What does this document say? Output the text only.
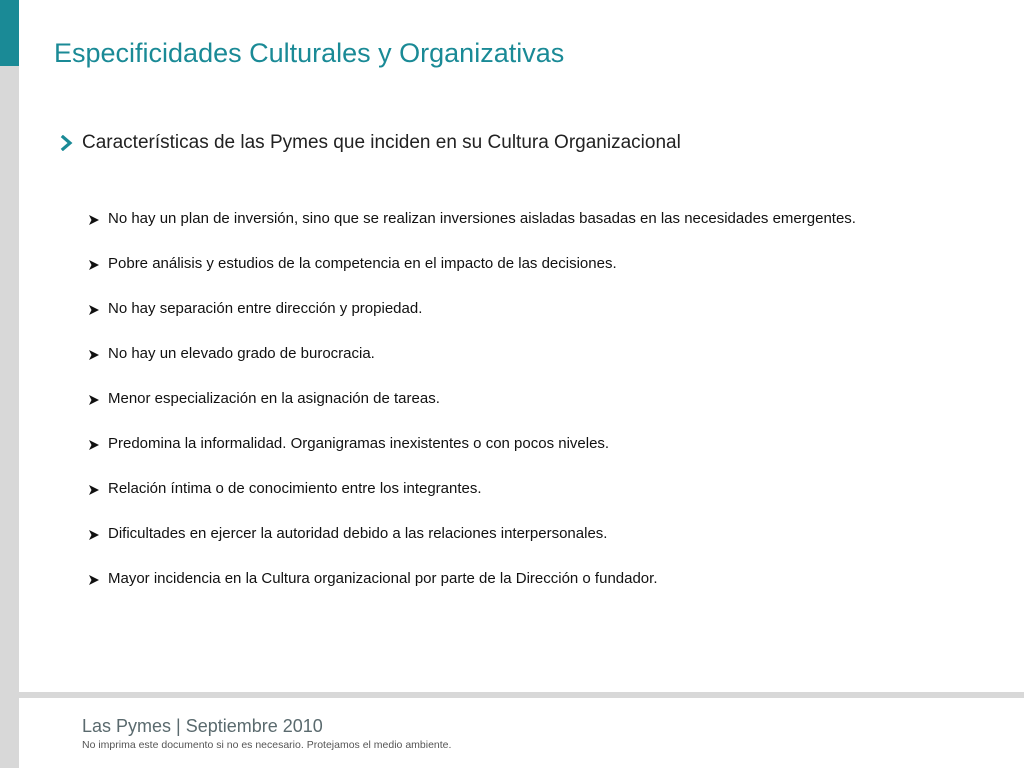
Especificidades Culturales y Organizativas
Características de las Pymes que inciden en su Cultura Organizacional
No hay un plan de inversión, sino que se realizan inversiones aisladas basadas en las necesidades emergentes.
Pobre análisis y estudios de la competencia en el impacto de las decisiones.
No hay separación entre dirección y propiedad.
No hay un elevado grado de burocracia.
Menor especialización en la asignación de tareas.
Predomina la informalidad. Organigramas inexistentes o con pocos niveles.
Relación íntima o de conocimiento entre los integrantes.
Dificultades en ejercer la autoridad debido a las relaciones interpersonales.
Mayor incidencia en la Cultura organizacional por parte de la Dirección o fundador.
Las Pymes | Septiembre 2010
No imprima este documento si no es necesario. Protejamos el medio ambiente.
